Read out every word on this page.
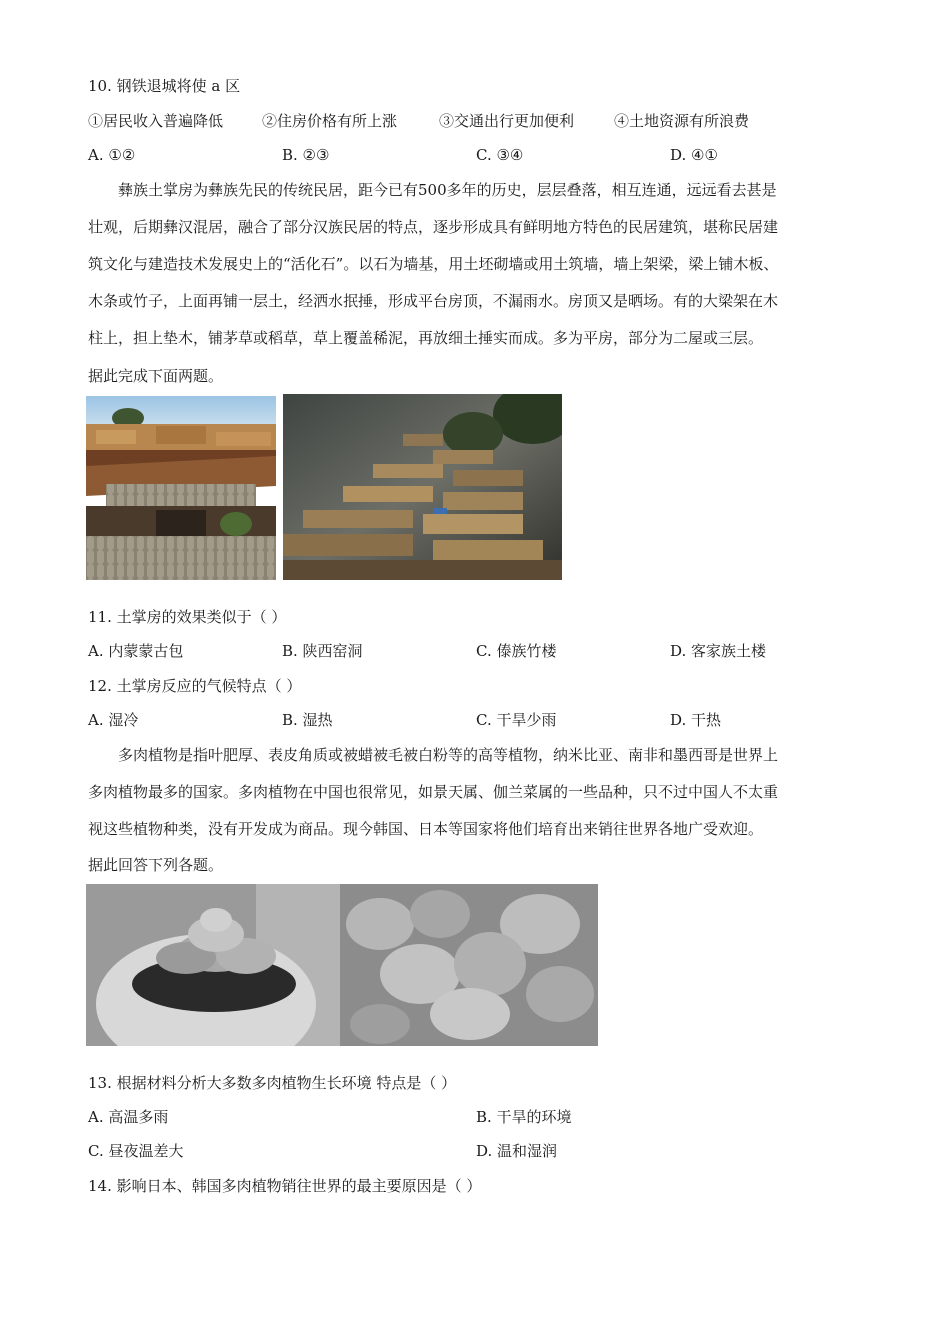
10. 钢铁退城将使 a 区
①居民收入普遍降低	②住房价格有所上涨	③交通出行更加便利	④土地资源有所浪费
A. ①②	B. ②③	C. ③④	D. ④①
彝族土掌房为彝族先民的传统民居，距今已有500多年的历史，层层叠落，相互连通，远远看去甚是
壮观，后期彝汉混居，融合了部分汉族民居的特点，逐步形成具有鲜明地方特色的民居建筑，堪称民居建
筑文化与建造技术发展史上的“活化石”。以石为墙基，用土坯砌墙或用土筑墙，墙上架梁，梁上铺木板、
木条或竹子，上面再铺一层土，经洒水抿捶，形成平台房顶，不漏雨水。房顶又是晒场。有的大梁架在木
柱上，担上垫木，铺茅草或稻草，草上覆盖稀泥，再放细土捶实而成。多为平房，部分为二屋或三层。
据此完成下面两题。
11. 土掌房的效果类似于（ ）
A. 内蒙蒙古包	B. 陕西窑洞	C. 傣族竹楼	D. 客家族土楼
12. 土掌房反应的气候特点（ ）
A. 湿冷	B. 湿热	C. 干旱少雨	D. 干热
多肉植物是指叶肥厚、表皮角质或被蜡被毛被白粉等的高等植物，纳米比亚、南非和墨西哥是世界上
多肉植物最多的国家。多肉植物在中国也很常见，如景天属、伽兰菜属的一些品种，只不过中国人不太重
视这些植物种类，没有开发成为商品。现今韩国、日本等国家将他们培育出来销往世界各地广受欢迎。
据此回答下列各题。
13. 根据材料分析大多数多肉植物生长环境 特点是（ ）
A. 高温多雨	B. 干旱的环境
C. 昼夜温差大	D. 温和湿润
14. 影响日本、韩国多肉植物销往世界的最主要原因是（ ）
